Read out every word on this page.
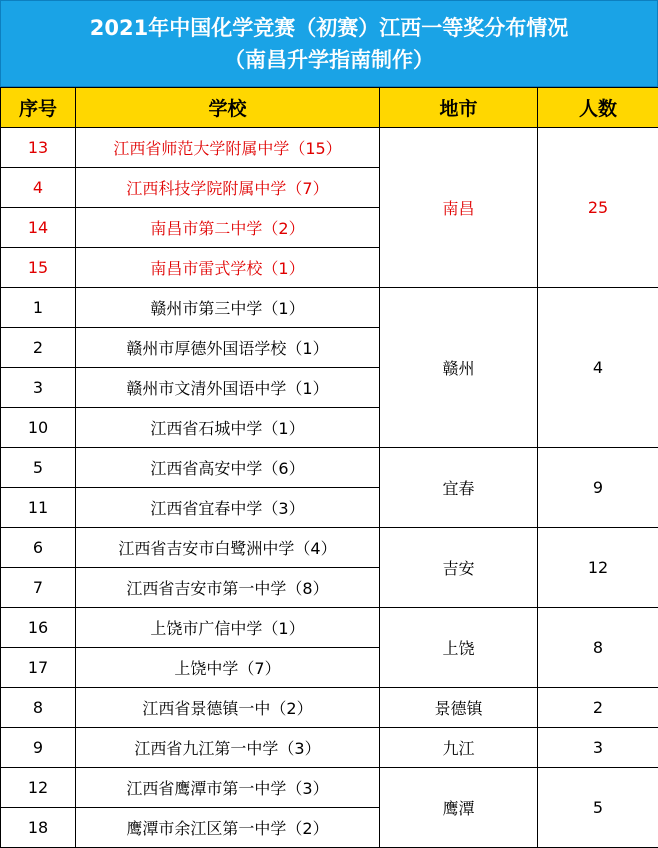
2021年中国化学竞赛（初赛）江西一等奖分布情况
（南昌升学指南制作）
序号	学校	地市	人数
13	江西省师范大学附属中学（15）	南昌	25
4	江西科技学院附属中学（7）		
14	南昌市第二中学（2）		
15	南昌市雷式学校（1）		
1	赣州市第三中学（1）	赣州	4
2	赣州市厚德外国语学校（1）		
3	赣州市文清外国语中学（1）		
10	江西省石城中学（1）		
5	江西省高安中学（6）	宜春	9
11	江西省宜春中学（3）		
6	江西省吉安市白鹭洲中学（4）	吉安	12
7	江西省吉安市第一中学（8）		
16	上饶市广信中学（1）	上饶	8
17	上饶中学（7）		
8	江西省景德镇一中（2）	景德镇	2
9	江西省九江第一中学（3）	九江	3
12	江西省鹰潭市第一中学（3）	鹰潭	5
18	鹰潭市余江区第一中学（2）		
